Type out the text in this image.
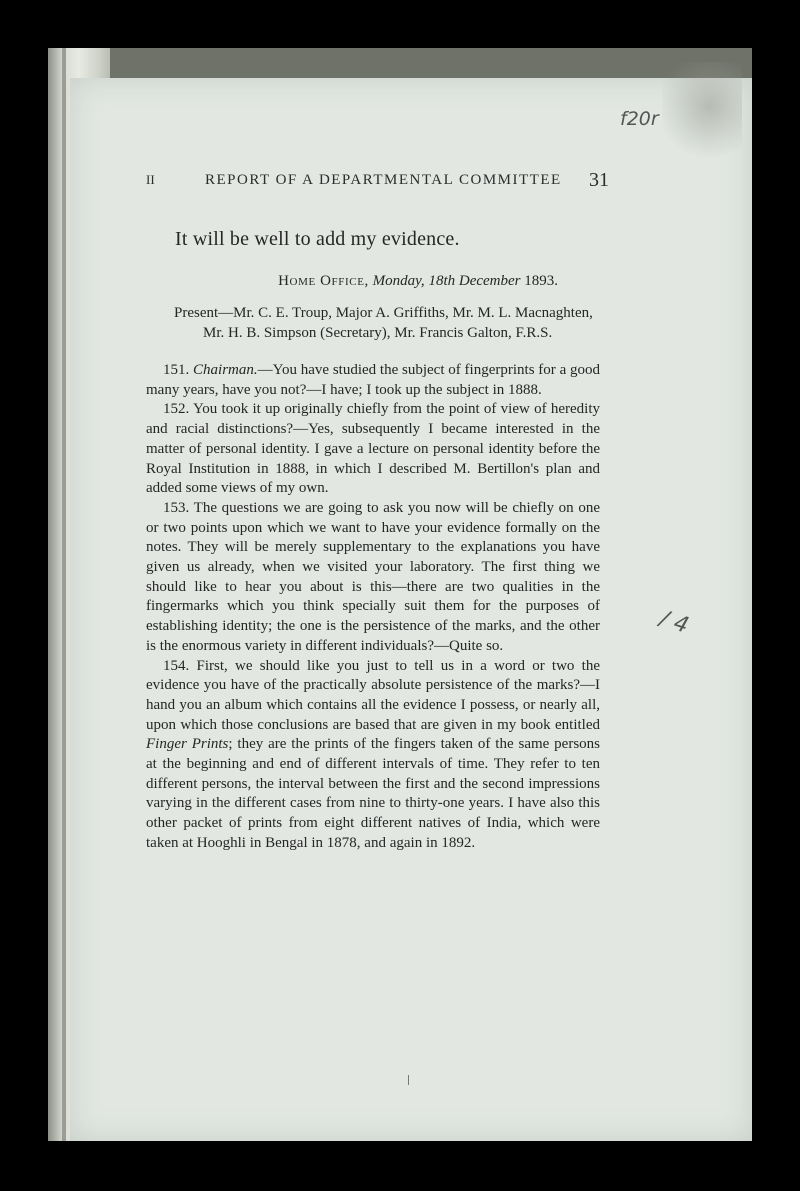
f20r
/ 4
II	REPORT OF A DEPARTMENTAL COMMITTEE 31

It will be well to add my evidence.

Home Office, Monday, 18th December 1893.

Present—Mr. C. E. Troup, Major A. Griffiths, Mr. M. L. Macnaghten, Mr. H. B. Simpson (Secretary), Mr. Francis Galton, F.R.S.

151. Chairman.—You have studied the subject of fingerprints for a good many years, have you not?—I have; I took up the subject in 1888.

152. You took it up originally chiefly from the point of view of heredity and racial distinctions?—Yes, subsequently I became interested in the matter of personal identity. I gave a lecture on personal identity before the Royal Institution in 1888, in which I described M. Bertillon's plan and added some views of my own.

153. The questions we are going to ask you now will be chiefly on one or two points upon which we want to have your evidence formally on the notes. They will be merely supplementary to the explanations you have given us already, when we visited your laboratory. The first thing we should like to hear you about is this—there are two qualities in the fingermarks which you think specially suit them for the purposes of establishing identity; the one is the persistence of the marks, and the other is the enormous variety in different individuals?—Quite so.

154. First, we should like you just to tell us in a word or two the evidence you have of the practically absolute persistence of the marks?—I hand you an album which contains all the evidence I possess, or nearly all, upon which those conclusions are based that are given in my book entitled Finger Prints; they are the prints of the fingers taken of the same persons at the beginning and end of different intervals of time. They refer to ten different persons, the interval between the first and the second impressions varying in the different cases from nine to thirty-one years. I have also this other packet of prints from eight different natives of India, which were taken at Hooghli in Bengal in 1878, and again in 1892.
